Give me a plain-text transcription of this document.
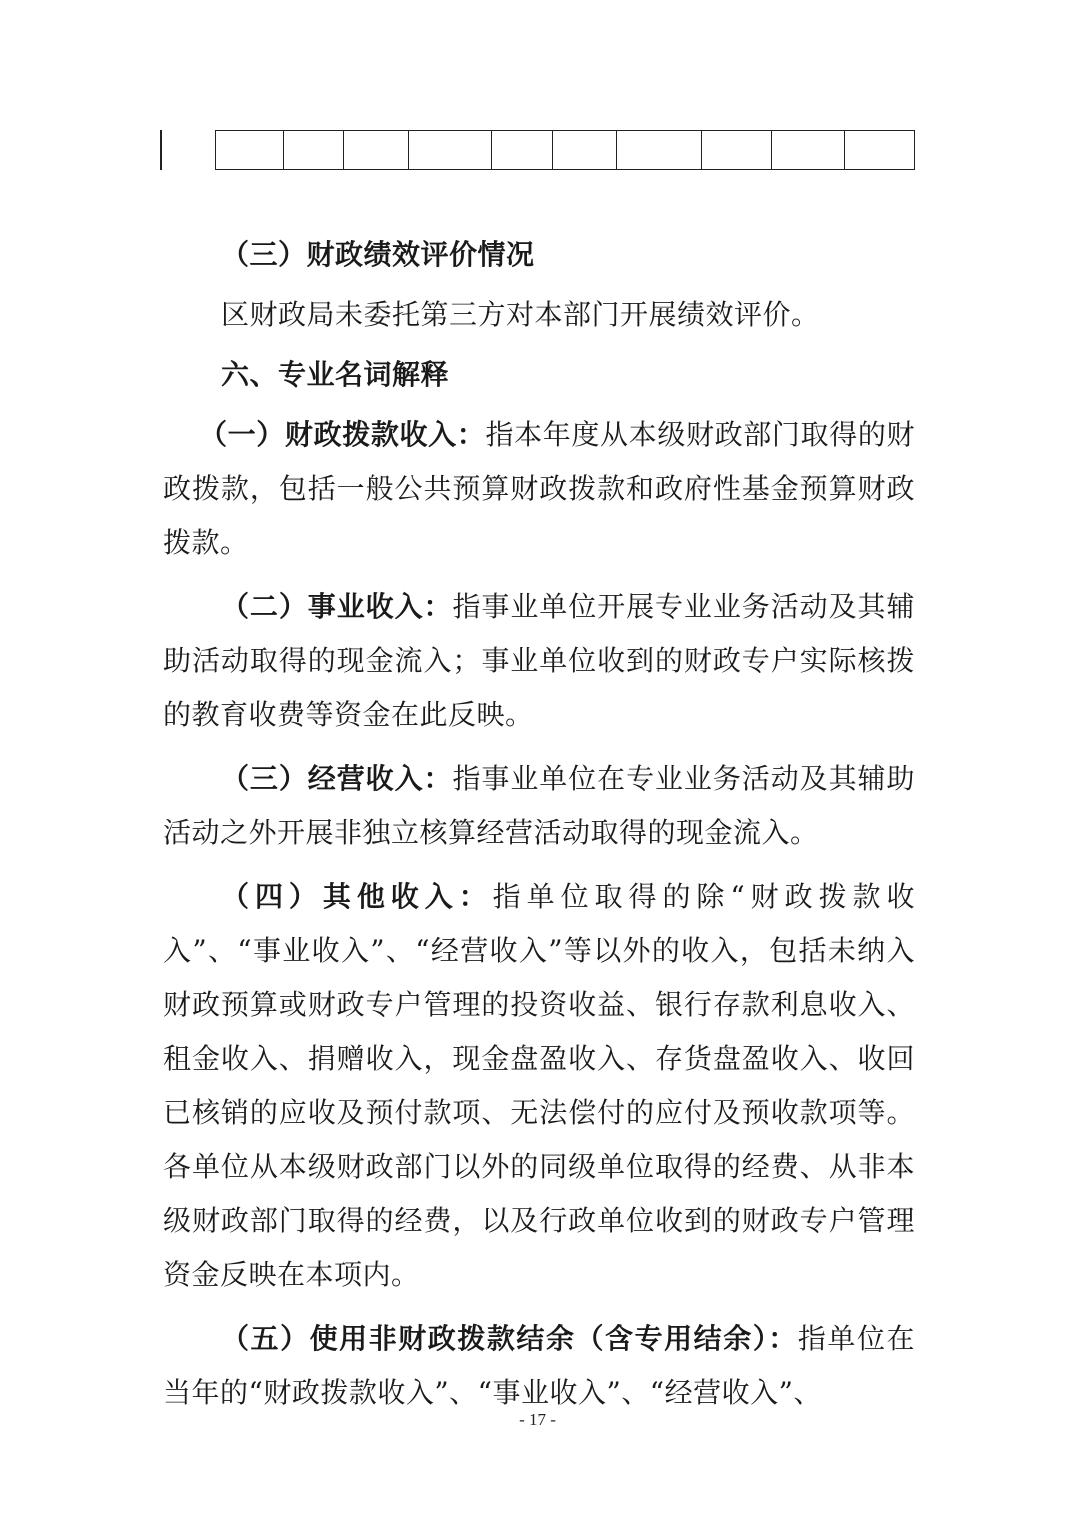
（三）财政绩效评价情况

区财政局未委托第三方对本部门开展绩效评价。

六、专业名词解释

（一）财政拨款收入：指本年度从本级财政部门取得的财政拨款，包括一般公共预算财政拨款和政府性基金预算财政拨款。

（二）事业收入：指事业单位开展专业业务活动及其辅助活动取得的现金流入；事业单位收到的财政专户实际核拨的教育收费等资金在此反映。

（三）经营收入：指事业单位在专业业务活动及其辅助活动之外开展非独立核算经营活动取得的现金流入。

（四）其他收入：指单位取得的除“财政拨款收入”、“事业收入”、“经营收入”等以外的收入，包括未纳入财政预算或财政专户管理的投资收益、银行存款利息收入、租金收入、捐赠收入，现金盘盈收入、存货盘盈收入、收回已核销的应收及预付款项、无法偿付的应付及预收款项等。各单位从本级财政部门以外的同级单位取得的经费、从非本级财政部门取得的经费，以及行政单位收到的财政专户管理资金反映在本项内。

（五）使用非财政拨款结余（含专用结余）：指单位在当年的“财政拨款收入”、“事业收入”、“经营收入”、

- 17 -
